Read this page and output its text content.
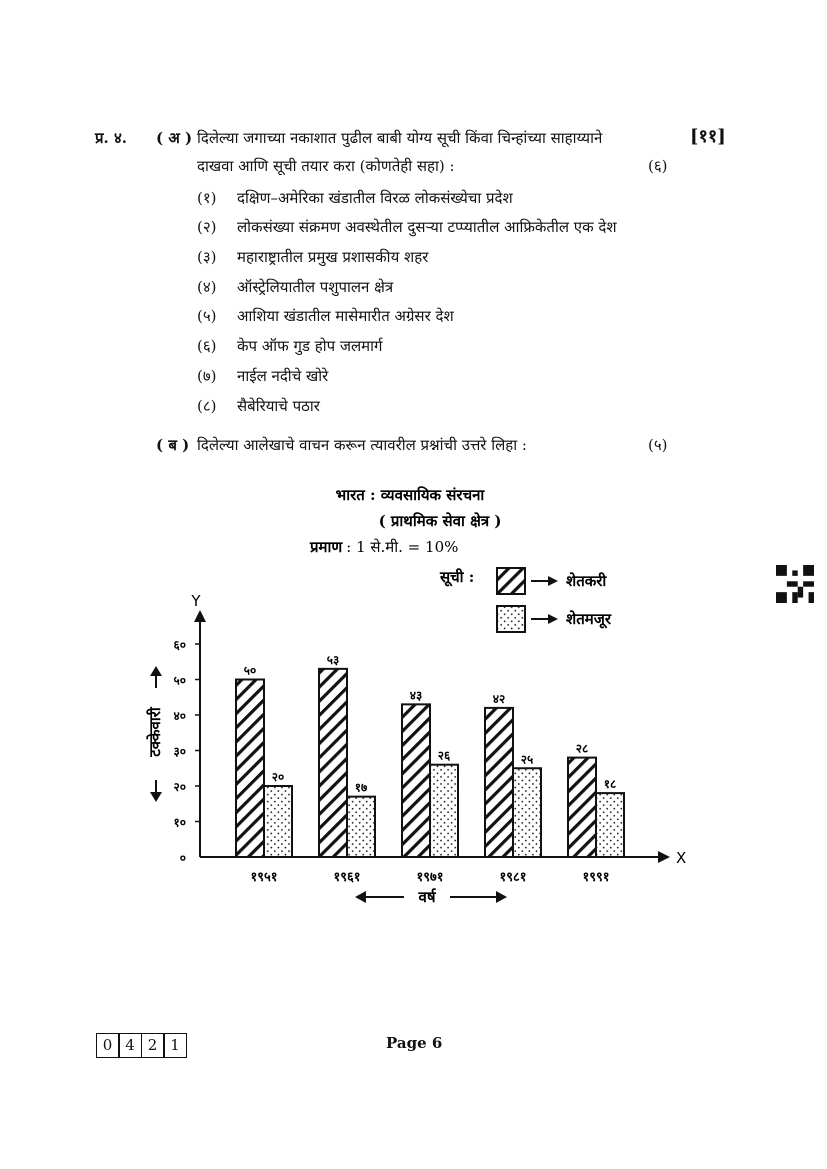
प्र. ४. ( अ ) दिलेल्या जगाच्या नकाशात पुढील बाबी योग्य सूची किंवा चिन्हांच्या साहाय्याने	[११]
दाखवा आणि सूची तयार करा (कोणतेही सहा) :	(६)
(१) दक्षिण–अमेरिका खंडातील विरळ लोकसंख्येचा प्रदेश
(२) लोकसंख्या संक्रमण अवस्थेतील दुसऱ्या टप्प्यातील आफ्रिकेतील एक देश
(३) महाराष्ट्रातील प्रमुख प्रशासकीय शहर
(४) ऑस्ट्रेलियातील पशुपालन क्षेत्र
(५) आशिया खंडातील मासेमारीत अग्रेसर देश
(६) केप ऑफ गुड होप जलमार्ग
(७) नाईल नदीचे खोरे
(८) सैबेरियाचे पठार
( ब ) दिलेल्या आलेखाचे वाचन करून त्यावरील प्रश्नांची उत्तरे लिहा :	(५)
भारत : व्यवसायिक संरचना
( प्राथमिक सेवा क्षेत्र )
प्रमाण : 1 से.मी. = 10%
सूची :	शेतकरी
शेतमजूर
५०
२०
१९५१
५३
१७
१९६१
४३
२६
१९७१
४२
२५
१९८१
२८
१८
१९९१
०
१०
२०
३०
४०
५०
६०
Y
X
टक्केवारी
वर्ष
0 4 2 1	Page 6
